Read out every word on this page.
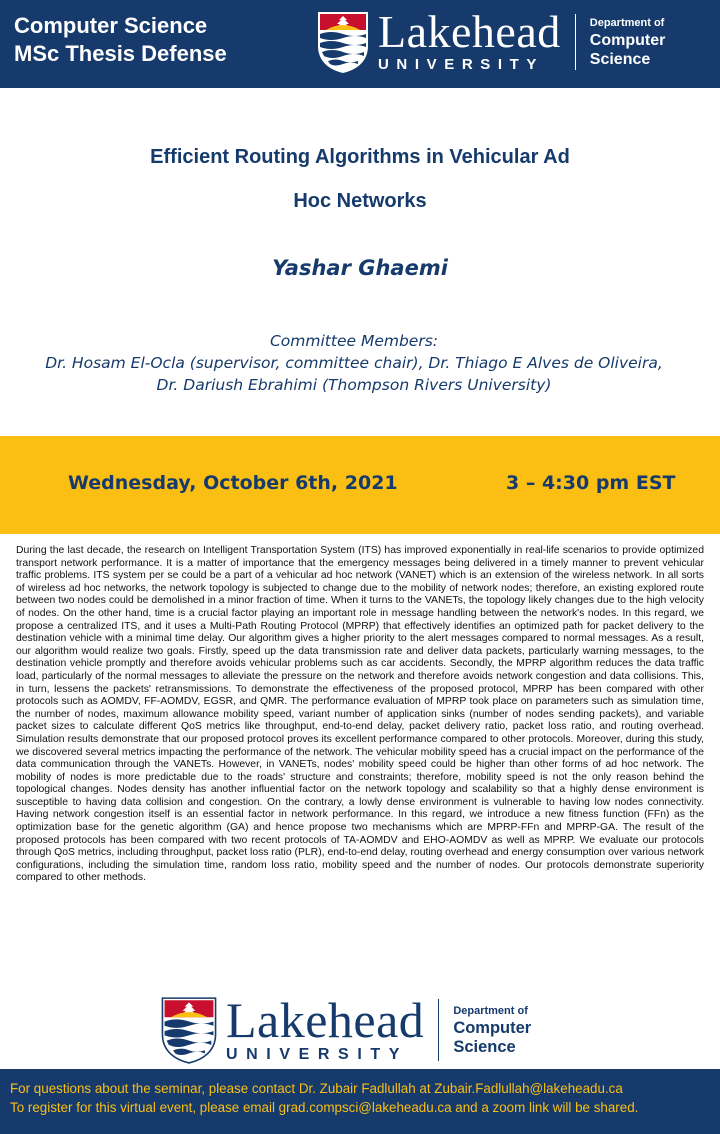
Computer Science
MSc Thesis Defense	Lakehead
UNIVERSITY
Department of
Computer
Science
Efficient Routing Algorithms in Vehicular Ad
Hoc Networks
Yashar Ghaemi
Committee Members:
Dr. Hosam El-Ocla (supervisor, committee chair), Dr. Thiago E Alves de Oliveira,
Dr. Dariush Ebrahimi (Thompson Rivers University)
Wednesday, October 6th, 2021	3 – 4:30 pm EST
During the last decade, the research on Intelligent Transportation System (ITS) has improved exponentially in real-life scenarios to provide optimized transport network performance. It is a matter of importance that the emergency messages being delivered in a timely manner to prevent vehicular traffic problems. ITS system per se could be a part of a vehicular ad hoc network (VANET) which is an extension of the wireless network. In all sorts of wireless ad hoc networks, the network topology is subjected to change due to the mobility of network nodes; therefore, an existing explored route between two nodes could be demolished in a minor fraction of time. When it turns to the VANETs, the topology likely changes due to the high velocity of nodes. On the other hand, time is a crucial factor playing an important role in message handling between the network's nodes. In this regard, we propose a centralized ITS, and it uses a Multi-Path Routing Protocol (MPRP) that effectively identifies an optimized path for packet delivery to the destination vehicle with a minimal time delay. Our algorithm gives a higher priority to the alert messages compared to normal messages. As a result, our algorithm would realize two goals. Firstly, speed up the data transmission rate and deliver data packets, particularly warning messages, to the destination vehicle promptly and therefore avoids vehicular problems such as car accidents. Secondly, the MPRP algorithm reduces the data traffic load, particularly of the normal messages to alleviate the pressure on the network and therefore avoids network congestion and data collisions. This, in turn, lessens the packets' retransmissions. To demonstrate the effectiveness of the proposed protocol, MPRP has been compared with other protocols such as AOMDV, FF-AOMDV, EGSR, and QMR. The performance evaluation of MPRP took place on parameters such as simulation time, the number of nodes, maximum allowance mobility speed, variant number of application sinks (number of nodes sending packets), and variable packet sizes to calculate different QoS metrics like throughput, end-to-end delay, packet delivery ratio, packet loss ratio, and routing overhead. Simulation results demonstrate that our proposed protocol proves its excellent performance compared to other protocols. Moreover, during this study, we discovered several metrics impacting the performance of the network. The vehicular mobility speed has a crucial impact on the performance of the data communication through the VANETs. However, in VANETs, nodes' mobility speed could be higher than other forms of ad hoc network. The mobility of nodes is more predictable due to the roads' structure and constraints; therefore, mobility speed is not the only reason behind the topological changes. Nodes density has another influential factor on the network topology and scalability so that a highly dense environment is susceptible to having data collision and congestion. On the contrary, a lowly dense environment is vulnerable to having low nodes connectivity. Having network congestion itself is an essential factor in network performance. In this regard, we introduce a new fitness function (FFn) as the optimization base for the genetic algorithm (GA) and hence propose two mechanisms which are MPRP-FFn and MPRP-GA. The result of the proposed protocols has been compared with two recent protocols of TA-AOMDV and EHO-AOMDV as well as MPRP. We evaluate our protocols through QoS metrics, including throughput, packet loss ratio (PLR), end-to-end delay, routing overhead and energy consumption over various network configurations, including the simulation time, random loss ratio, mobility speed and the number of nodes. Our protocols demonstrate superiority compared to other methods.
Lakehead
UNIVERSITY
Department of
Computer
Science
For questions about the seminar, please contact Dr. Zubair Fadlullah at Zubair.Fadlullah@lakeheadu.ca
To register for this virtual event, please email grad.compsci@lakeheadu.ca and a zoom link will be shared.
